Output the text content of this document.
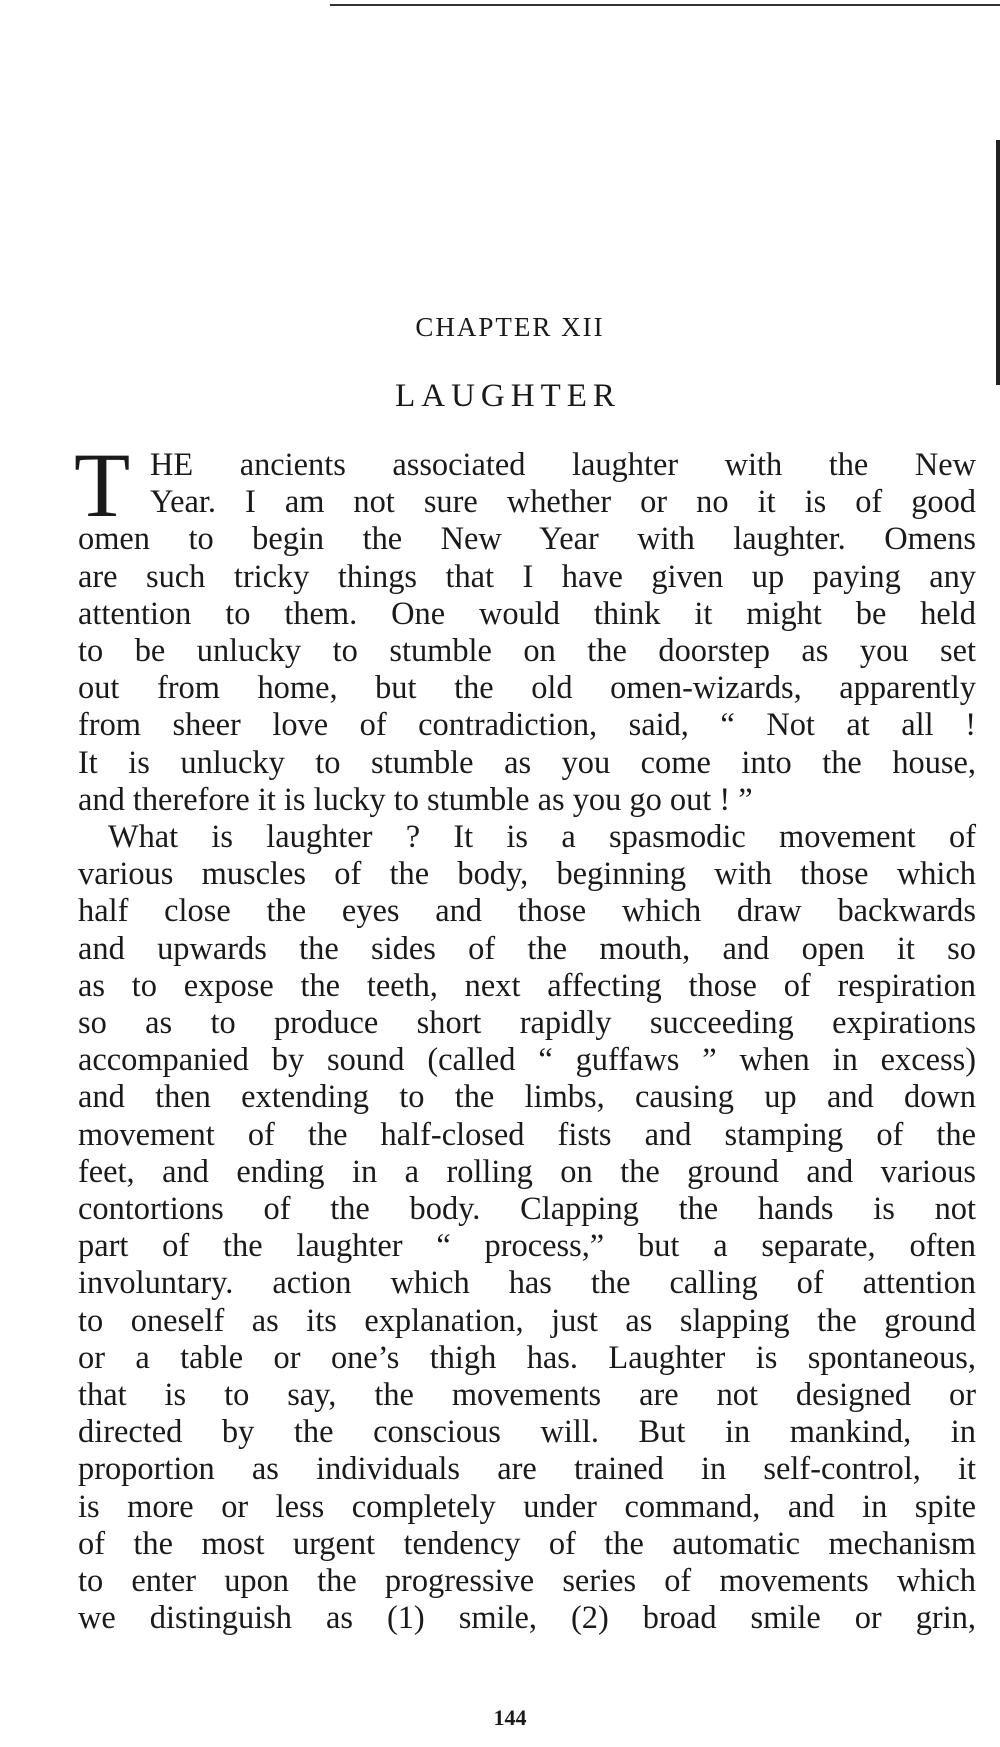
CHAPTER XII
LAUGHTER
T HE ancients associated laughter with the New
Year. I am not sure whether or no it is of good
omen to begin the New Year with laughter. Omens
are such tricky things that I have given up paying any
attention to them. One would think it might be held
to be unlucky to stumble on the doorstep as you set
out from home, but the old omen-wizards, apparently
from sheer love of contradiction, said, “ Not at all !
It is unlucky to stumble as you come into the house,
and therefore it is lucky to stumble as you go out ! ”
What is laughter ? It is a spasmodic movement of
various muscles of the body, beginning with those which
half close the eyes and those which draw backwards
and upwards the sides of the mouth, and open it so
as to expose the teeth, next affecting those of respiration
so as to produce short rapidly succeeding expirations
accompanied by sound (called “ guffaws ” when in excess)
and then extending to the limbs, causing up and down
movement of the half-closed fists and stamping of the
feet, and ending in a rolling on the ground and various
contortions of the body. Clapping the hands is not
part of the laughter “ process,” but a separate, often
involuntary. action which has the calling of attention
to oneself as its explanation, just as slapping the ground
or a table or one’s thigh has. Laughter is spontaneous,
that is to say, the movements are not designed or
directed by the conscious will. But in mankind, in
proportion as individuals are trained in self-control, it
is more or less completely under command, and in spite
of the most urgent tendency of the automatic mechanism
to enter upon the progressive series of movements which
we distinguish as (1) smile, (2) broad smile or grin,
144
